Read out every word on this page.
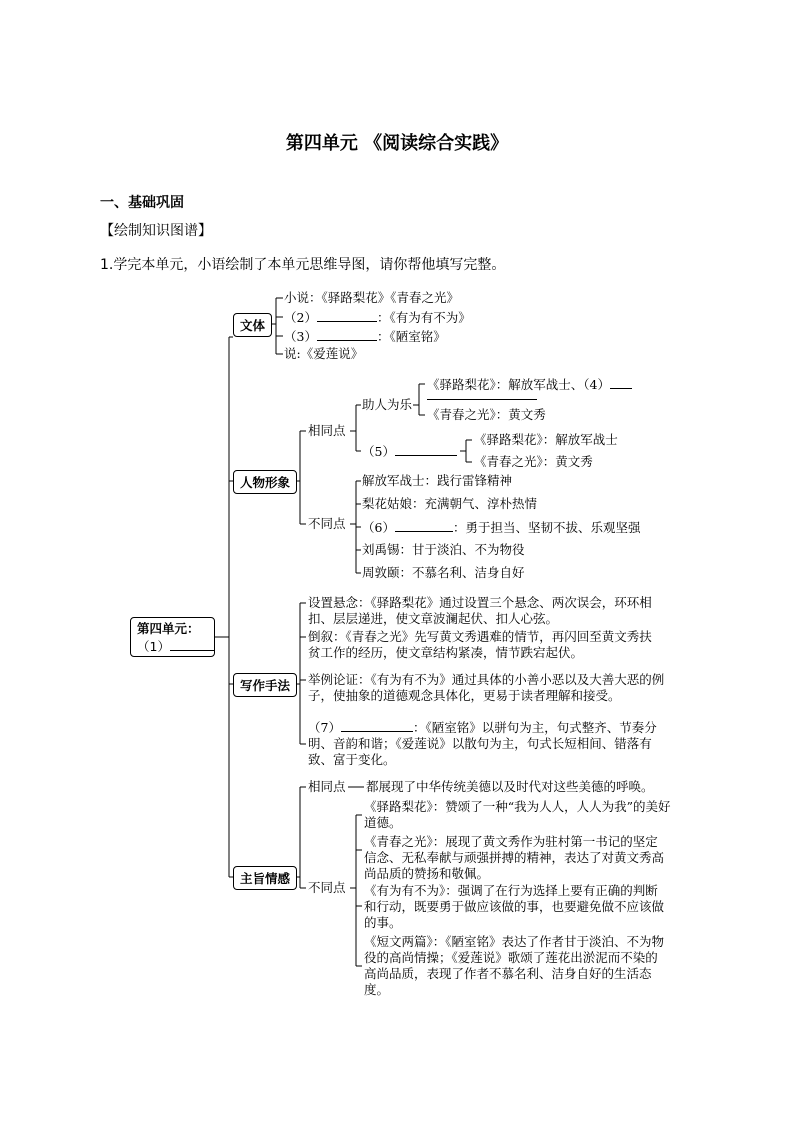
第四单元 《阅读综合实践》
一、基础巩固
【绘制知识图谱】
1.学完本单元，小语绘制了本单元思维导图，请你帮他填写完整。
第四单元：
（1）
文体
小说：《驿路梨花》《青春之光》
（2）	：《有为有不为》
（3）	：《陋室铭》
说:《爱莲说》
人物形象
相同点
助人为乐
《驿路梨花》：解放军战士、（4）
《青春之光》：黄文秀
（5）
《驿路梨花》：解放军战士
《青春之光》：黄文秀
不同点
解放军战士：践行雷锋精神
梨花姑娘：充满朝气、淳朴热情
（6）	：勇于担当、坚韧不拔、乐观坚强
刘禹锡：甘于淡泊、不为物役
周敦颐：不慕名利、洁身自好
写作手法
设置悬念：《驿路梨花》通过设置三个悬念、两次误会，环环相扣、层层递进，使文章波澜起伏、扣人心弦。
倒叙：《青春之光》先写黄文秀遇难的情节，再闪回至黄文秀扶贫工作的经历，使文章结构紧凑，情节跌宕起伏。
举例论证：《有为有不为》通过具体的小善小恶以及大善大恶的例子，使抽象的道德观念具体化，更易于读者理解和接受。
（7）	：《陋室铭》以骈句为主，句式整齐、节奏分明、音韵和谐；《爱莲说》以散句为主，句式长短相间、错落有致、富于变化。
主旨情感
相同点 都展现了中华传统美德以及时代对这些美德的呼唤。
不同点
《驿路梨花》：赞颂了一种“我为人人，人人为我”的美好道德。
《青春之光》：展现了黄文秀作为驻村第一书记的坚定信念、无私奉献与顽强拼搏的精神，表达了对黄文秀高尚品质的赞扬和敬佩。
《有为有不为》：强调了在行为选择上要有正确的判断和行动，既要勇于做应该做的事，也要避免做不应该做的事。
《短文两篇》：《陋室铭》表达了作者甘于淡泊、不为物役的高尚情操；《爱莲说》歌颂了莲花出淤泥而不染的高尚品质，表现了作者不慕名利、洁身自好的生活态度。
